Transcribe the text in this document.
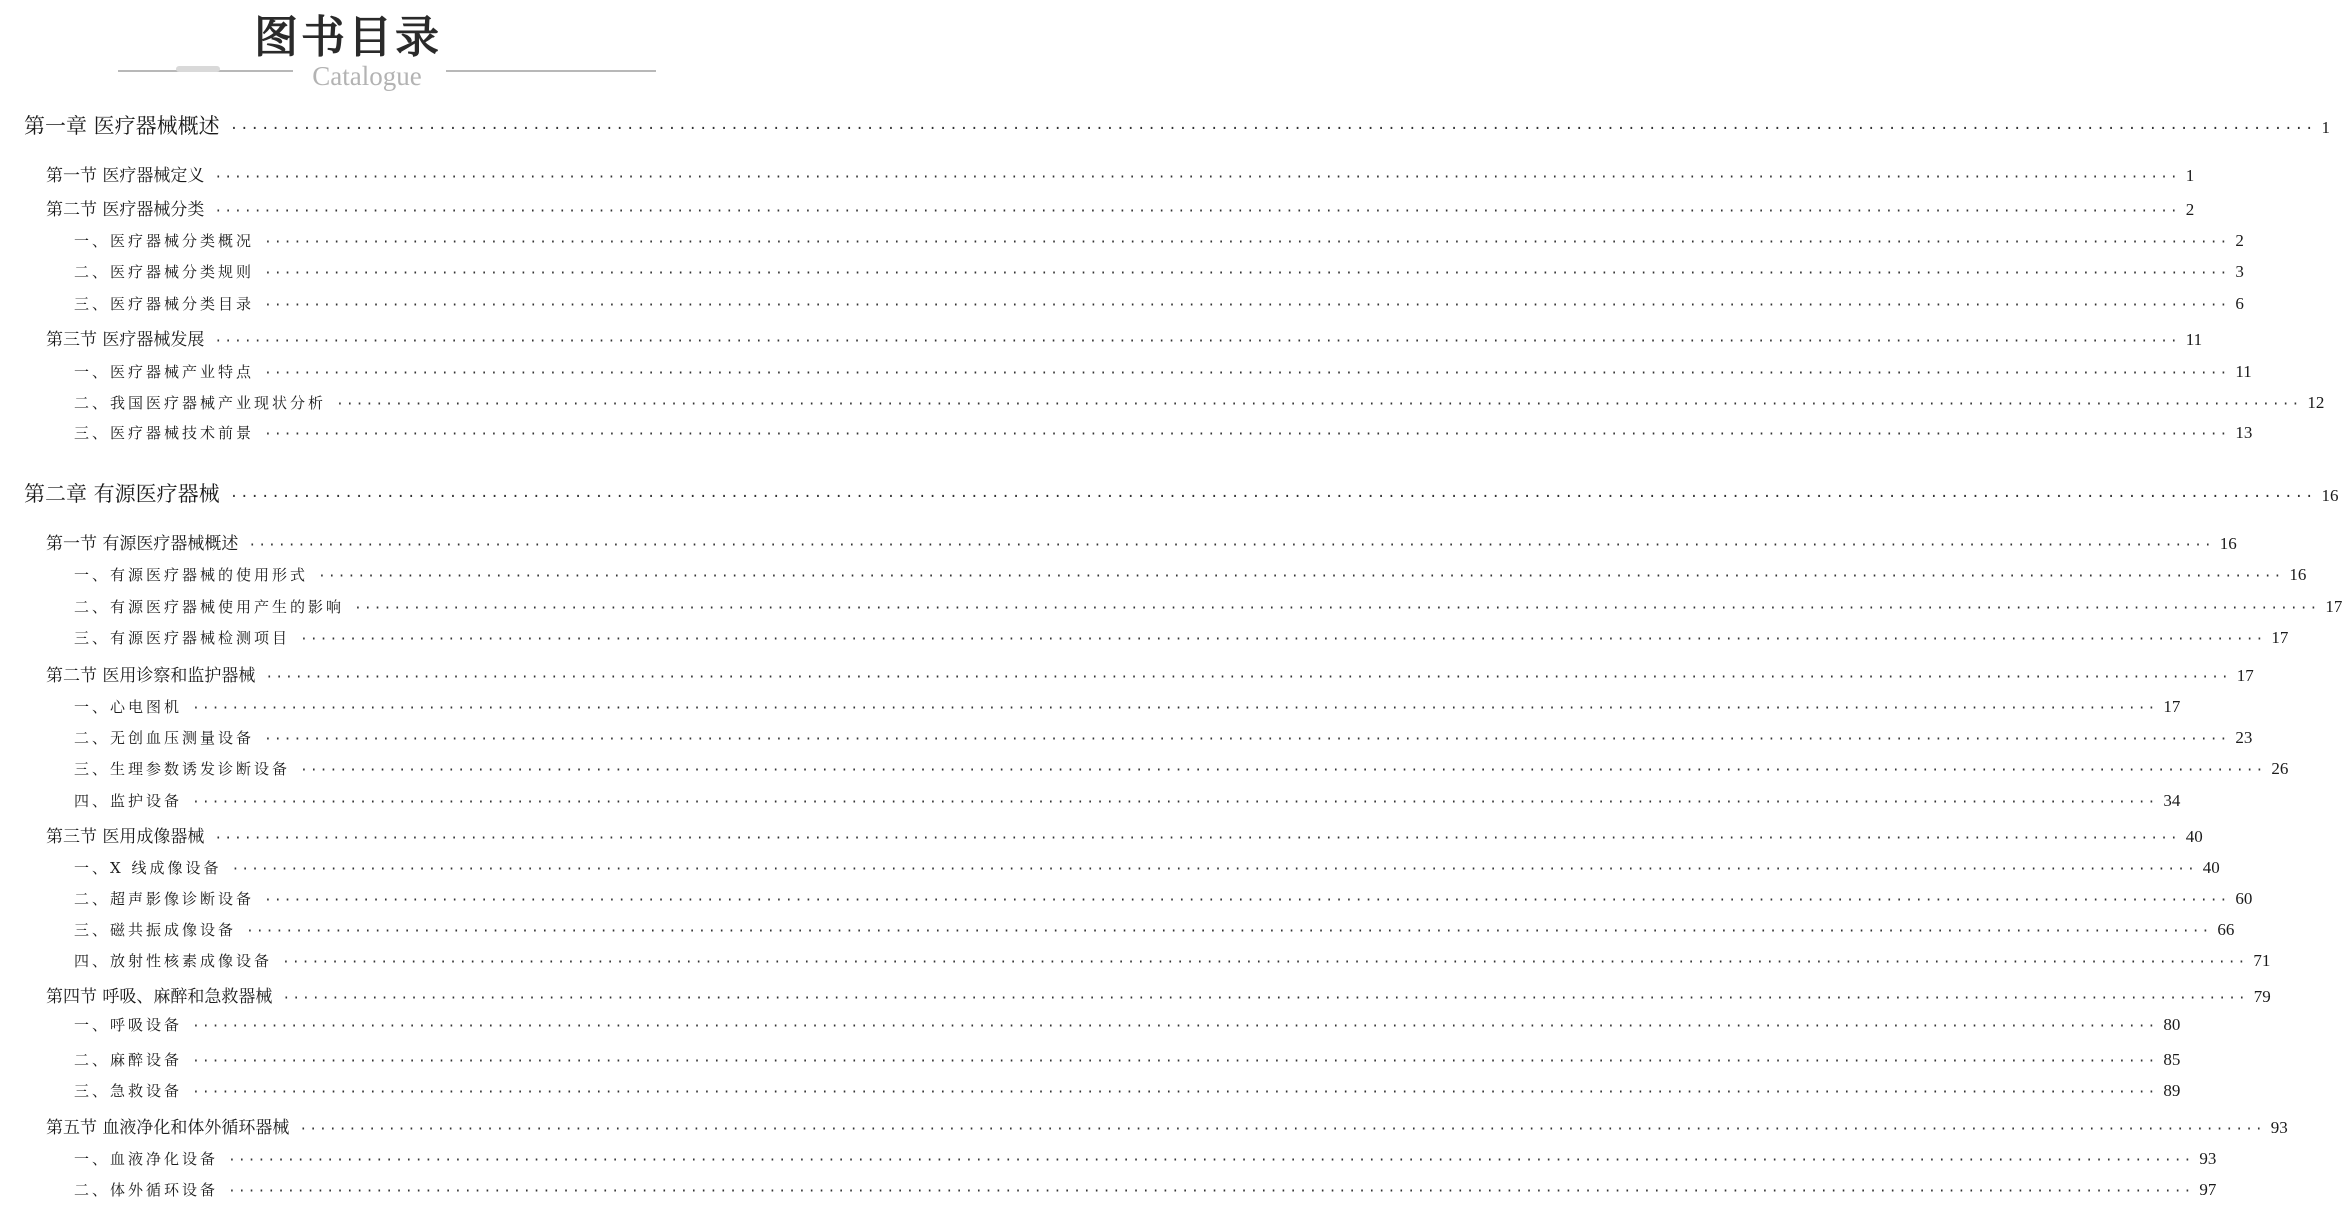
图书目录
Catalogue
第一章 医疗器械概述 ········································································································································································································ 1
第一节 医疗器械定义 ········································································································································································································ 1
第二节 医疗器械分类 ········································································································································································································ 2
一、医疗器械分类概况 ········································································································································································································ 2
二、医疗器械分类规则 ········································································································································································································ 3
三、医疗器械分类目录 ········································································································································································································ 6
第三节 医疗器械发展 ········································································································································································································ 11
一、医疗器械产业特点 ········································································································································································································ 11
二、我国医疗器械产业现状分析 ········································································································································································································ 12
三、医疗器械技术前景 ········································································································································································································ 13
第二章 有源医疗器械 ········································································································································································································ 16
第一节 有源医疗器械概述 ········································································································································································································ 16
一、有源医疗器械的使用形式 ········································································································································································································ 16
二、有源医疗器械使用产生的影响 ········································································································································································································ 17
三、有源医疗器械检测项目 ········································································································································································································ 17
第二节 医用诊察和监护器械 ········································································································································································································ 17
一、心电图机 ········································································································································································································ 17
二、无创血压测量设备 ········································································································································································································ 23
三、生理参数诱发诊断设备 ········································································································································································································ 26
四、监护设备 ········································································································································································································ 34
第三节 医用成像器械 ········································································································································································································ 40
一、X 线成像设备 ········································································································································································································ 40
二、超声影像诊断设备 ········································································································································································································ 60
三、磁共振成像设备 ········································································································································································································ 66
四、放射性核素成像设备 ········································································································································································································ 71
第四节 呼吸、麻醉和急救器械 ········································································································································································································ 79
一、呼吸设备 ········································································································································································································ 80
二、麻醉设备 ········································································································································································································ 85
三、急救设备 ········································································································································································································ 89
第五节 血液净化和体外循环器械 ········································································································································································································ 93
一、血液净化设备 ········································································································································································································ 93
二、体外循环设备 ········································································································································································································ 97
